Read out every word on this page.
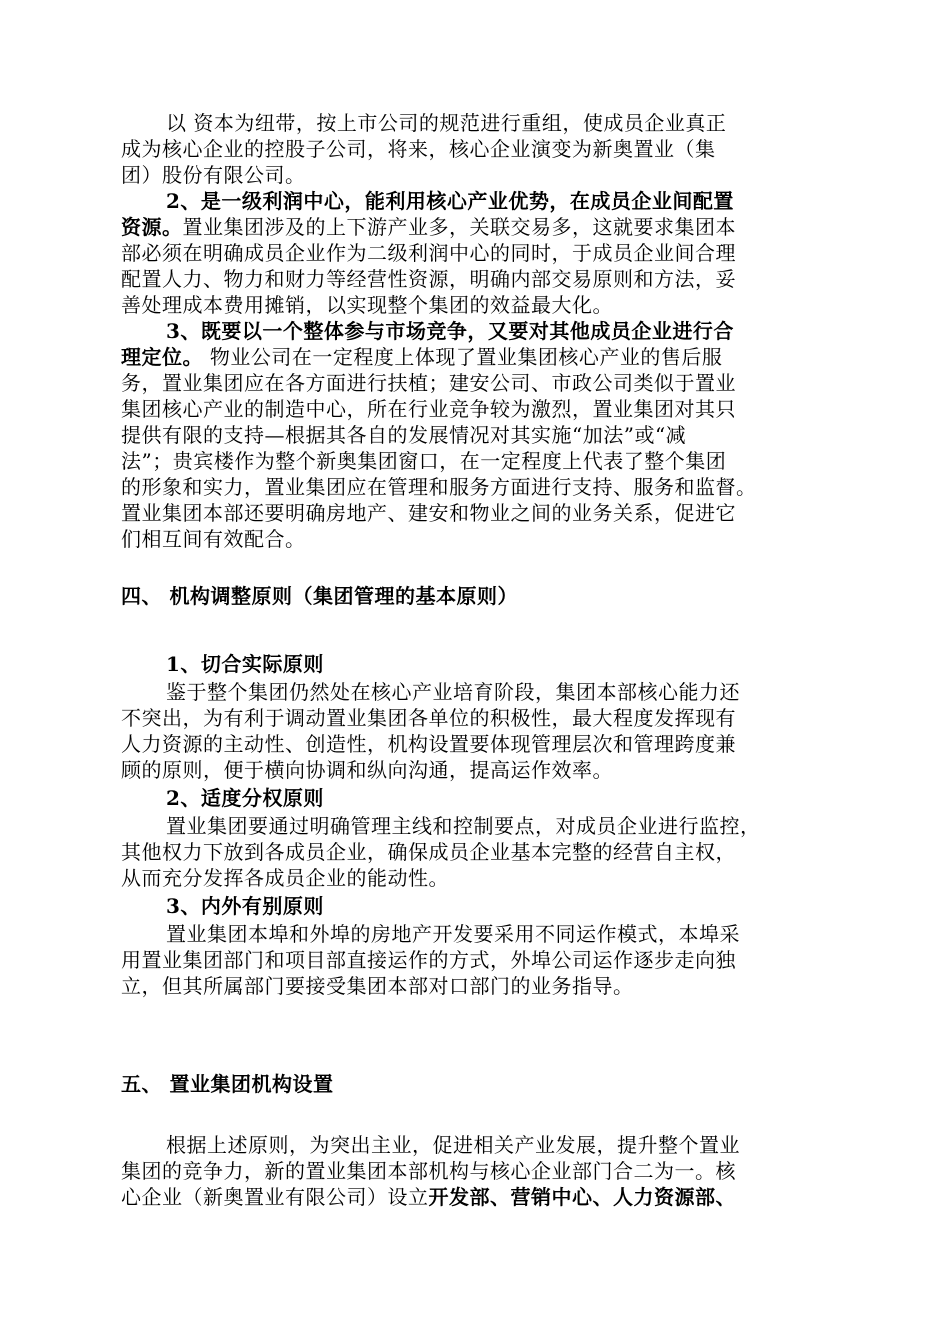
以 资本为纽带，按上市公司的规范进行重组，使成员企业真正
成为核心企业的控股子公司，将来，核心企业演变为新奥置业（集
团）股份有限公司。
2、是一级利润中心，能利用核心产业优势，在成员企业间配置
资源。置业集团涉及的上下游产业多，关联交易多，这就要求集团本
部必须在明确成员企业作为二级利润中心的同时，于成员企业间合理
配置人力、物力和财力等经营性资源，明确内部交易原则和方法，妥
善处理成本费用摊销，以实现整个集团的效益最大化。
3、既要以一个整体参与市场竞争，又要对其他成员企业进行合
理定位。 物业公司在一定程度上体现了置业集团核心产业的售后服
务，置业集团应在各方面进行扶植；建安公司、市政公司类似于置业
集团核心产业的制造中心，所在行业竞争较为激烈，置业集团对其只
提供有限的支持—根据其各自的发展情况对其实施“加法”或“减
法”；贵宾楼作为整个新奥集团窗口，在一定程度上代表了整个集团
的形象和实力，置业集团应在管理和服务方面进行支持、服务和监督。
置业集团本部还要明确房地产、建安和物业之间的业务关系，促进它
们相互间有效配合。
四、 机构调整原则（集团管理的基本原则）
1、切合实际原则
鉴于整个集团仍然处在核心产业培育阶段，集团本部核心能力还
不突出，为有利于调动置业集团各单位的积极性，最大程度发挥现有
人力资源的主动性、创造性，机构设置要体现管理层次和管理跨度兼
顾的原则，便于横向协调和纵向沟通，提高运作效率。
2、适度分权原则
置业集团要通过明确管理主线和控制要点，对成员企业进行监控，
其他权力下放到各成员企业，确保成员企业基本完整的经营自主权，
从而充分发挥各成员企业的能动性。
3、内外有别原则
置业集团本埠和外埠的房地产开发要采用不同运作模式，本埠采
用置业集团部门和项目部直接运作的方式，外埠公司运作逐步走向独
立，但其所属部门要接受集团本部对口部门的业务指导。
五、 置业集团机构设置
根据上述原则，为突出主业，促进相关产业发展，提升整个置业
集团的竞争力，新的置业集团本部机构与核心企业部门合二为一。核
心企业（新奥置业有限公司）设立开发部、营销中心、人力资源部、
